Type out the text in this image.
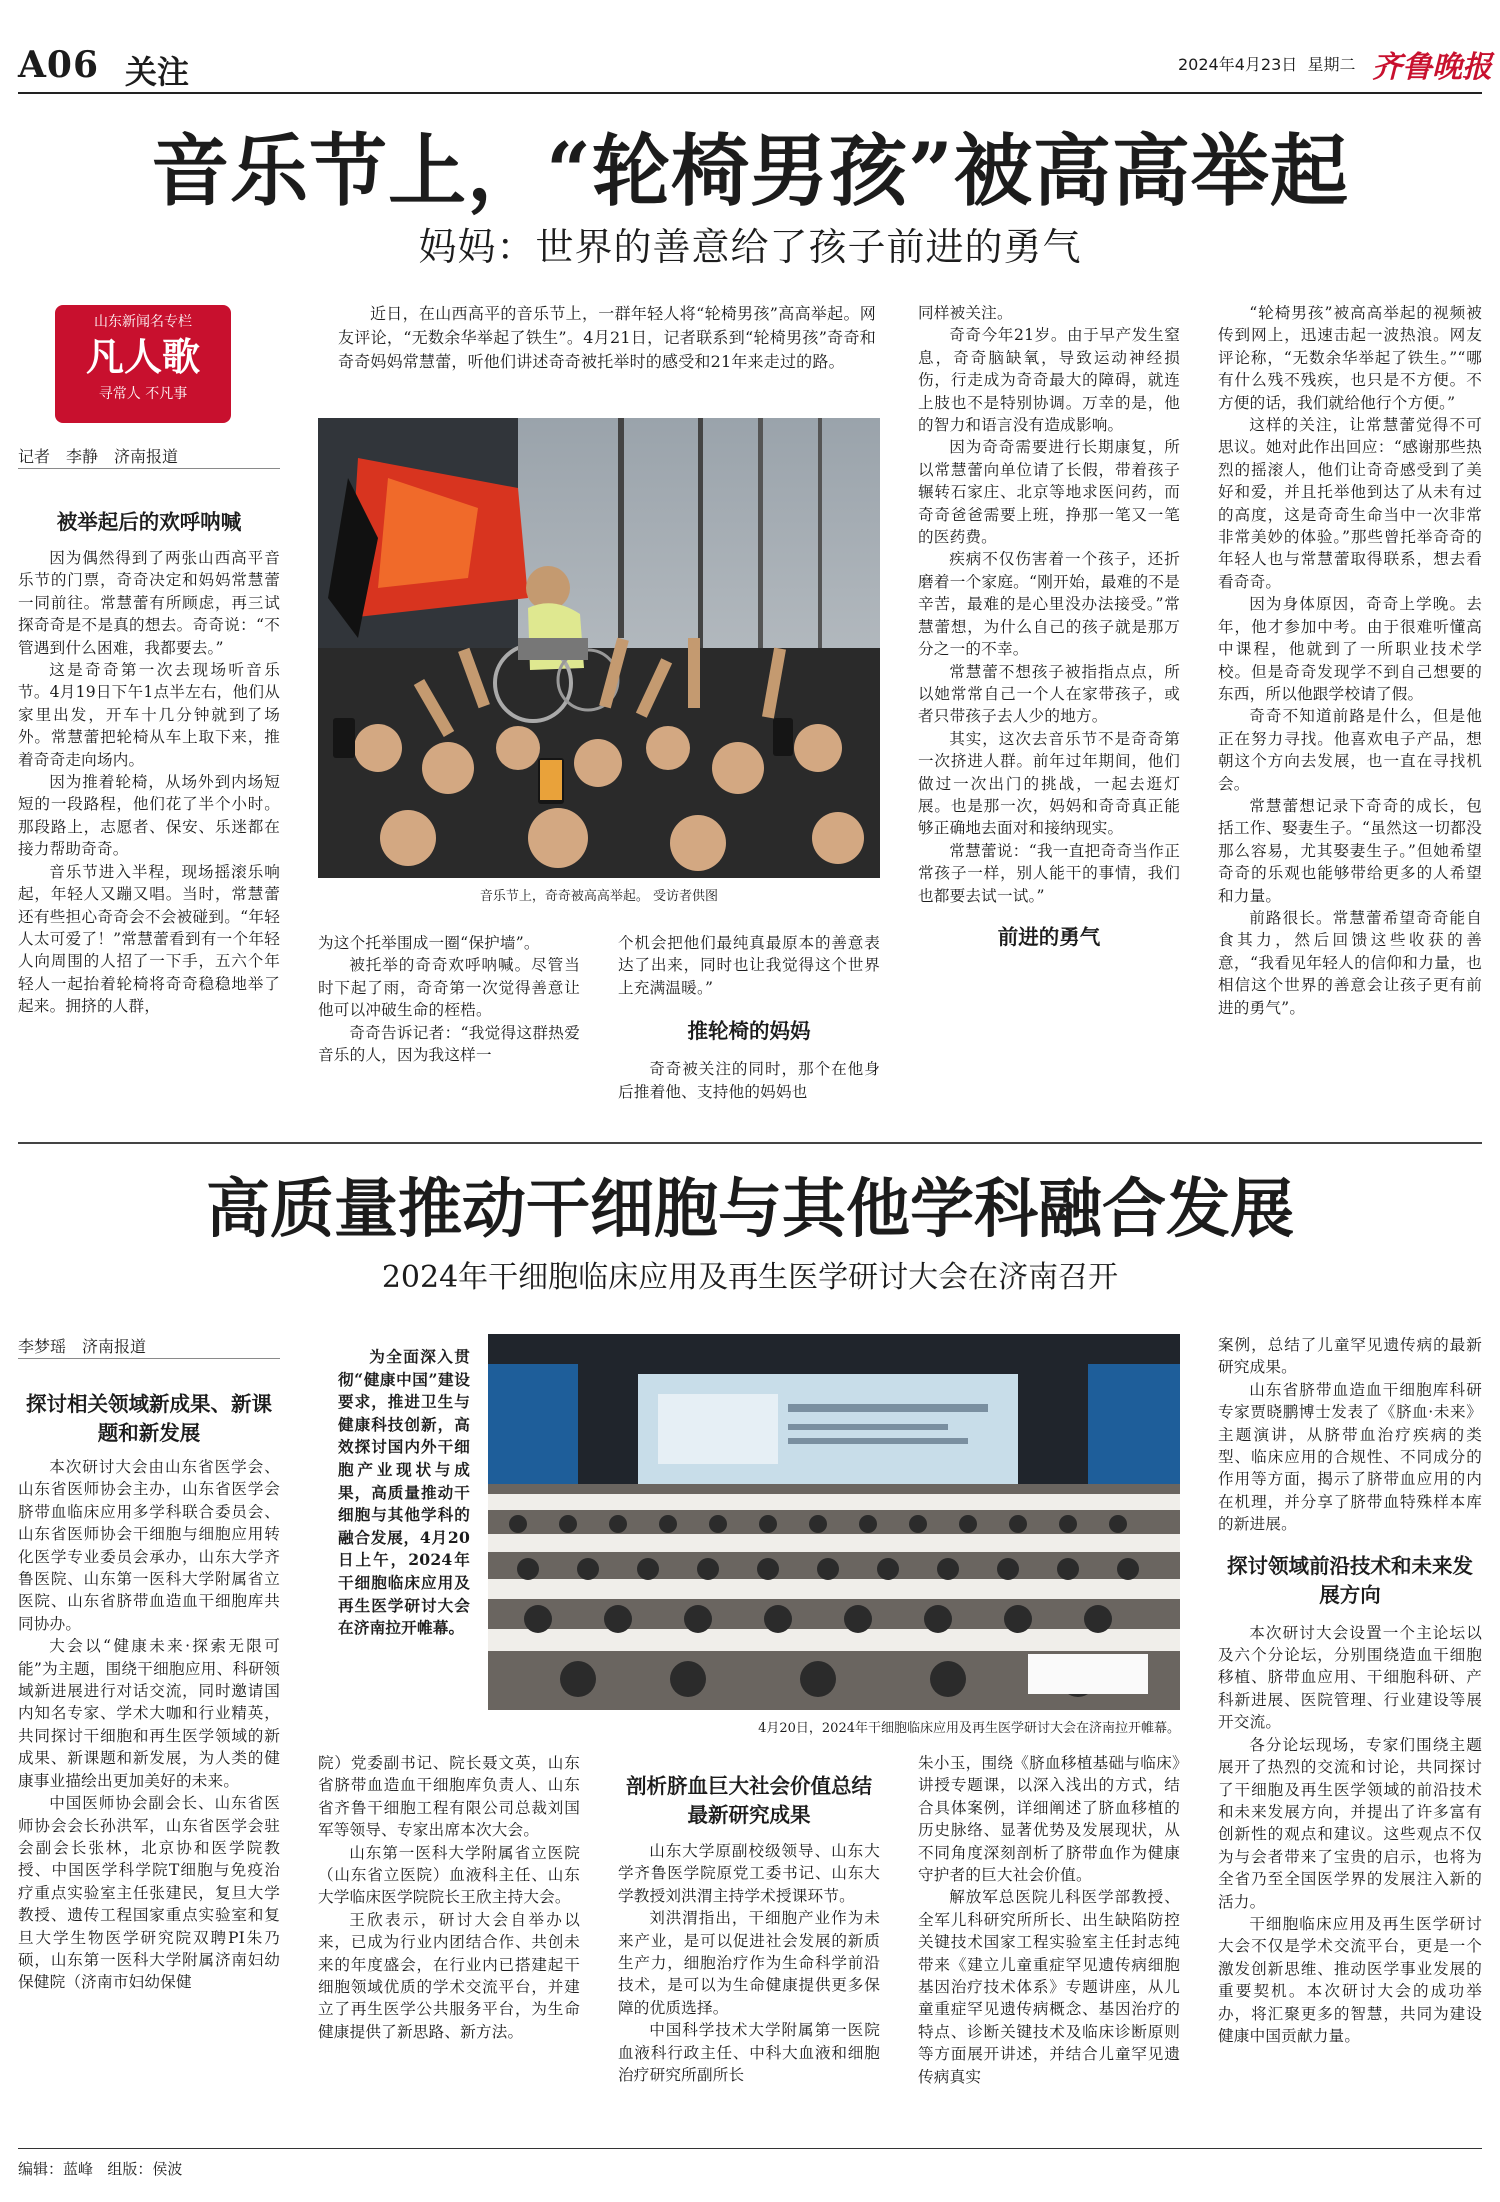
A06 关注	2024年4月23日 星期二 齐鲁晚报
音乐节上，“轮椅男孩”被高高举起
妈妈：世界的善意给了孩子前进的勇气
山东新闻名专栏
凡人歌
寻常人 不凡事
记者　李静　济南报道

近日，在山西高平的音乐节上，一群年轻人将“轮椅男孩”高高举起。网友评论，“无数余华举起了铁生”。4月21日，记者联系到“轮椅男孩”奇奇和奇奇妈妈常慧蕾，听他们讲述奇奇被托举时的感受和21年来走过的路。

音乐节上，奇奇被高高举起。 受访者供图
被举起后的欢呼呐喊

因为偶然得到了两张山西高平音乐节的门票，奇奇决定和妈妈常慧蕾一同前往。常慧蕾有所顾虑，再三试探奇奇是不是真的想去。奇奇说：“不管遇到什么困难，我都要去。”

这是奇奇第一次去现场听音乐节。4月19日下午1点半左右，他们从家里出发，开车十几分钟就到了场外。常慧蕾把轮椅从车上取下来，推着奇奇走向场内。

因为推着轮椅，从场外到内场短短的一段路程，他们花了半个小时。那段路上，志愿者、保安、乐迷都在接力帮助奇奇。

音乐节进入半程，现场摇滚乐响起，年轻人又蹦又唱。当时，常慧蕾还有些担心奇奇会不会被碰到。“年轻人太可爱了！”常慧蕾看到有一个年轻人向周围的人招了一下手，五六个年轻人一起抬着轮椅将奇奇稳稳地举了起来。拥挤的人群，

为这个托举围成一圈“保护墙”。

被托举的奇奇欢呼呐喊。尽管当时下起了雨，奇奇第一次觉得善意让他可以冲破生命的桎梏。

奇奇告诉记者：“我觉得这群热爱音乐的人，因为我这样一

个机会把他们最纯真最原本的善意表达了出来，同时也让我觉得这个世界上充满温暖。”

推轮椅的妈妈

奇奇被关注的同时，那个在他身后推着他、支持他的妈妈也

同样被关注。

奇奇今年21岁。由于早产发生窒息，奇奇脑缺氧，导致运动神经损伤，行走成为奇奇最大的障碍，就连上肢也不是特别协调。万幸的是，他的智力和语言没有造成影响。

因为奇奇需要进行长期康复，所以常慧蕾向单位请了长假，带着孩子辗转石家庄、北京等地求医问药，而奇奇爸爸需要上班，挣那一笔又一笔的医药费。

疾病不仅伤害着一个孩子，还折磨着一个家庭。“刚开始，最难的不是辛苦，最难的是心里没办法接受。”常慧蕾想，为什么自己的孩子就是那万分之一的不幸。

常慧蕾不想孩子被指指点点，所以她常常自己一个人在家带孩子，或者只带孩子去人少的地方。

其实，这次去音乐节不是奇奇第一次挤进人群。前年过年期间，他们做过一次出门的挑战，一起去逛灯展。也是那一次，妈妈和奇奇真正能够正确地去面对和接纳现实。

常慧蕾说：“我一直把奇奇当作正常孩子一样，别人能干的事情，我们也都要去试一试。”

前进的勇气

“轮椅男孩”被高高举起的视频被传到网上，迅速击起一波热浪。网友评论称，“无数余华举起了铁生。”“哪有什么残不残疾，也只是不方便。不方便的话，我们就给他行个方便。”

这样的关注，让常慧蕾觉得不可思议。她对此作出回应：“感谢那些热烈的摇滚人，他们让奇奇感受到了美好和爱，并且托举他到达了从未有过的高度，这是奇奇生命当中一次非常非常美妙的体验。”那些曾托举奇奇的年轻人也与常慧蕾取得联系，想去看看奇奇。

因为身体原因，奇奇上学晚。去年，他才参加中考。由于很难听懂高中课程，他就到了一所职业技术学校。但是奇奇发现学不到自己想要的东西，所以他跟学校请了假。

奇奇不知道前路是什么，但是他正在努力寻找。他喜欢电子产品，想朝这个方向去发展，也一直在寻找机会。

常慧蕾想记录下奇奇的成长，包括工作、娶妻生子。“虽然这一切都没那么容易，尤其娶妻生子。”但她希望奇奇的乐观也能够带给更多的人希望和力量。

前路很长。常慧蕾希望奇奇能自食其力，然后回馈这些收获的善意，“我看见年轻人的信仰和力量，也相信这个世界的善意会让孩子更有前进的勇气”。

高质量推动干细胞与其他学科融合发展
2024年干细胞临床应用及再生医学研讨大会在济南召开
李梦瑶　济南报道

为全面深入贯彻“健康中国”建设要求，推进卫生与健康科技创新，高效探讨国内外干细胞产业现状与成果，高质量推动干细胞与其他学科的融合发展，4月20日上午，2024年干细胞临床应用及再生医学研讨大会在济南拉开帷幕。

4月20日，2024年干细胞临床应用及再生医学研讨大会在济南拉开帷幕。
探讨相关领域新成果、新课题和新发展

本次研讨大会由山东省医学会、山东省医师协会主办，山东省医学会脐带血临床应用多学科联合委员会、山东省医师协会干细胞与细胞应用转化医学专业委员会承办，山东大学齐鲁医院、山东第一医科大学附属省立医院、山东省脐带血造血干细胞库共同协办。

大会以“健康未来·探索无限可能”为主题，围绕干细胞应用、科研领域新进展进行对话交流，同时邀请国内知名专家、学术大咖和行业精英，共同探讨干细胞和再生医学领域的新成果、新课题和新发展，为人类的健康事业描绘出更加美好的未来。

中国医师协会副会长、山东省医师协会会长孙洪军，山东省医学会驻会副会长张林，北京协和医学院教授、中国医学科学院T细胞与免疫治疗重点实验室主任张建民，复旦大学教授、遗传工程国家重点实验室和复旦大学生物医学研究院双聘PI朱乃硕，山东第一医科大学附属济南妇幼保健院（济南市妇幼保健

院）党委副书记、院长聂文英，山东省脐带血造血干细胞库负责人、山东省齐鲁干细胞工程有限公司总裁刘国军等领导、专家出席本次大会。

山东第一医科大学附属省立医院（山东省立医院）血液科主任、山东大学临床医学院院长王欣主持大会。

王欣表示，研讨大会自举办以来，已成为行业内团结合作、共创未来的年度盛会，在行业内已搭建起干细胞领域优质的学术交流平台，并建立了再生医学公共服务平台，为生命健康提供了新思路、新方法。

剖析脐血巨大社会价值总结最新研究成果

山东大学原副校级领导、山东大学齐鲁医学院原党工委书记、山东大学教授刘洪渭主持学术授课环节。

刘洪渭指出，干细胞产业作为未来产业，是可以促进社会发展的新质生产力，细胞治疗作为生命科学前沿技术，是可以为生命健康提供更多保障的优质选择。

中国科学技术大学附属第一医院血液科行政主任、中科大血液和细胞治疗研究所副所长

朱小玉，围绕《脐血移植基础与临床》讲授专题课，以深入浅出的方式，结合具体案例，详细阐述了脐血移植的历史脉络、显著优势及发展现状，从不同角度深刻剖析了脐带血作为健康守护者的巨大社会价值。

解放军总医院儿科医学部教授、全军儿科研究所所长、出生缺陷防控关键技术国家工程实验室主任封志纯带来《建立儿童重症罕见遗传病细胞基因治疗技术体系》专题讲座，从儿童重症罕见遗传病概念、基因治疗的特点、诊断关键技术及临床诊断原则等方面展开讲述，并结合儿童罕见遗传病真实

案例，总结了儿童罕见遗传病的最新研究成果。

山东省脐带血造血干细胞库科研专家贾晓鹏博士发表了《脐血·未来》主题演讲，从脐带血治疗疾病的类型、临床应用的合规性、不同成分的作用等方面，揭示了脐带血应用的内在机理，并分享了脐带血特殊样本库的新进展。

探讨领域前沿技术和未来发展方向

本次研讨大会设置一个主论坛以及六个分论坛，分别围绕造血干细胞移植、脐带血应用、干细胞科研、产科新进展、医院管理、行业建设等展开交流。

各分论坛现场，专家们围绕主题展开了热烈的交流和讨论，共同探讨了干细胞及再生医学领域的前沿技术和未来发展方向，并提出了许多富有创新性的观点和建议。这些观点不仅为与会者带来了宝贵的启示，也将为全省乃至全国医学界的发展注入新的活力。

干细胞临床应用及再生医学研讨大会不仅是学术交流平台，更是一个激发创新思维、推动医学事业发展的重要契机。本次研讨大会的成功举办，将汇聚更多的智慧，共同为建设健康中国贡献力量。

编辑：蓝峰 组版：侯波
